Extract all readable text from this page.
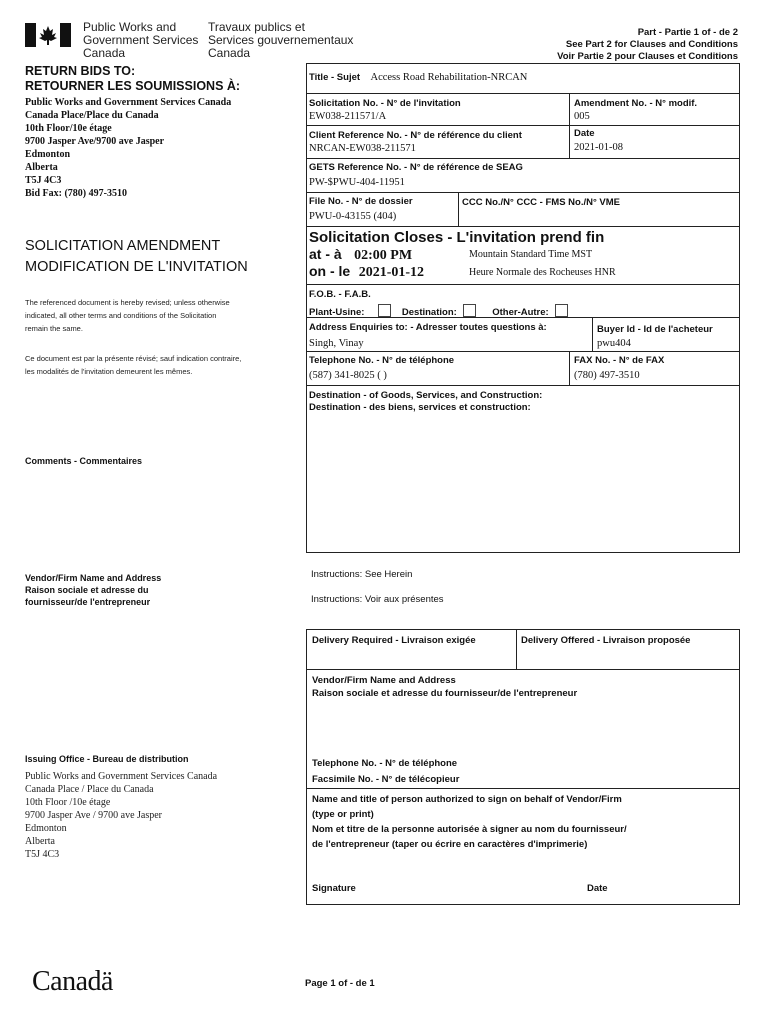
Public Works and
Government Services
Canada
Travaux publics et
Services gouvernementaux
Canada
Part - Partie 1 of - de 2
See Part 2 for Clauses and Conditions
Voir Partie 2 pour Clauses et Conditions
RETURN BIDS TO:
RETOURNER LES SOUMISSIONS À:
Public Works and Government Services Canada
Canada Place/Place du Canada
10th Floor/10e étage
9700 Jasper Ave/9700 ave Jasper
Edmonton
Alberta
T5J 4C3
Bid Fax: (780) 497-3510
SOLICITATION AMENDMENT
MODIFICATION DE L'INVITATION
The referenced document is hereby revised; unless otherwise
indicated, all other terms and conditions of the Solicitation
remain the same.
Ce document est par la présente révisé; sauf indication contraire,
les modalités de l'invitation demeurent les mêmes.
Comments - Commentaires
Vendor/Firm Name and Address
Raison sociale et adresse du
fournisseur/de l'entrepreneur
Issuing Office - Bureau de distribution
Public Works and Government Services Canada
Canada Place / Place du Canada
10th Floor /10e étage
9700 Jasper Ave / 9700 ave Jasper
Edmonton
Alberta
T5J 4C3
Title - Sujet Access Road Rehabilitation-NRCAN
Solicitation No. - N° de l'invitation
EW038-211571/A
Amendment No. - N° modif.
005
Client Reference No. - N° de référence du client
NRCAN-EW038-211571
Date
2021-01-08
GETS Reference No. - N° de référence de SEAG
PW-$PWU-404-11951
File No. - N° de dossier
PWU-0-43155 (404)
CCC No./N° CCC - FMS No./N° VME
Solicitation Closes - L'invitation prend fin
at - à 02:00 PM
on - le 2021-01-12
Mountain Standard Time MST
Heure Normale des Rocheuses HNR
F.O.B. - F.A.B.
Plant-Usine:	Destination:	Other-Autre:
Address Enquiries to: - Adresser toutes questions à:
Singh, Vinay
Buyer Id - Id de l'acheteur
pwu404
Telephone No. - N° de téléphone
(587) 341-8025 ( )
FAX No. - N° de FAX
(780) 497-3510
Destination - of Goods, Services, and Construction:
Destination - des biens, services et construction:
Instructions: See Herein
Instructions: Voir aux présentes
Delivery Required - Livraison exigée	Delivery Offered - Livraison proposée
Vendor/Firm Name and Address
Raison sociale et adresse du fournisseur/de l'entrepreneur
Telephone No. - N° de téléphone
Facsimile No. - N° de télécopieur
Name and title of person authorized to sign on behalf of Vendor/Firm
(type or print)
Nom et titre de la personne autorisée à signer au nom du fournisseur/
de l'entrepreneur (taper ou écrire en caractères d'imprimerie)
Signature	Date
Canadä	Page 1 of - de 1
